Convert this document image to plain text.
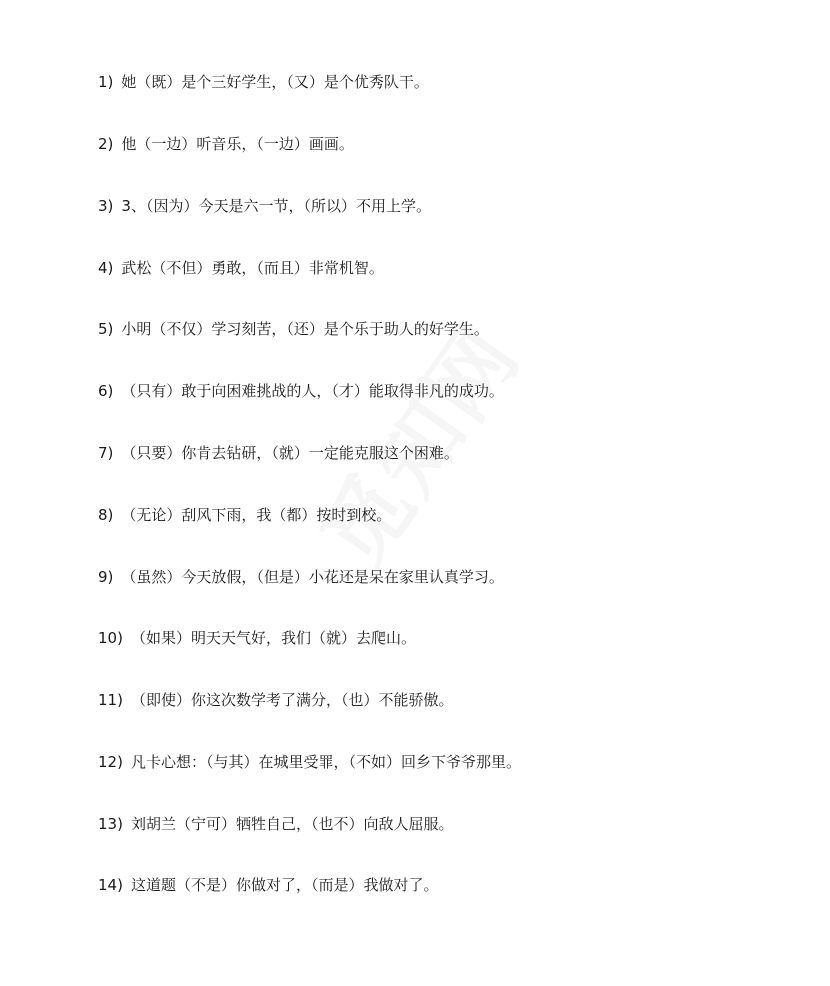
1) 她（既）是个三好学生，（又）是个优秀队干。
2) 他（一边）听音乐，（一边）画画。
3) 3、（因为）今天是六一节，（所以）不用上学。
4) 武松（不但）勇敢，（而且）非常机智。
5) 小明（不仅）学习刻苦，（还）是个乐于助人的好学生。
6) （只有）敢于向困难挑战的人，（才）能取得非凡的成功。
7) （只要）你肯去钻研，（就）一定能克服这个困难。
8) （无论）刮风下雨，我（都）按时到校。
9) （虽然）今天放假，（但是）小花还是呆在家里认真学习。
10) （如果）明天天气好，我们（就）去爬山。
11) （即使）你这次数学考了满分，（也）不能骄傲。
12) 凡卡心想：（与其）在城里受罪，（不如）回乡下爷爷那里。
13) 刘胡兰（宁可）牺牲自己，（也不）向敌人屈服。
14) 这道题（不是）你做对了，（而是）我做对了。
